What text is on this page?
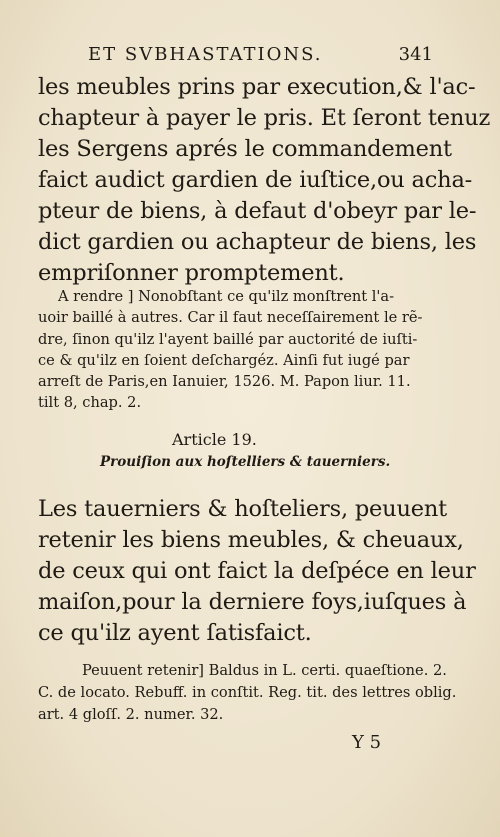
ET SVBHASTATIONS.	341
les meubles prins par execution,& l'ac-
chapteur à payer le pris. Et ſeront tenuz
les Sergens aprés le commandement
faict audict gardien de iuſtice,ou acha-
pteur de biens, à defaut d'obeyr par le-
dict gardien ou achapteur de biens, les
empriſonner promptement.
A rendre ] Nonobſtant ce qu'ilz monſtrent l'a-
uoir baillé à autres. Car il faut neceſſairement le rẽ-
dre, ſinon qu'ilz l'ayent baillé par auctorité de iuſti-
ce & qu'ilz en ſoient deſchargéz. Ainſi fut iugé par
arreſt de Paris,en Ianuier, 1526. M. Papon liur. 11.
tilt 8, chap. 2.
Article 19.
Prouiſion aux hoſtelliers & tauerniers.
Les tauerniers & hoſteliers, peuuent
retenir les biens meubles, & cheuaux,
de ceux qui ont faict la deſpéce en leur
maiſon,pour la derniere foys,iuſques à
ce qu'ilz ayent ſatisfaict.
Peuuent retenir] Baldus in L. certi. quaeſtione. 2.
C. de locato. Rebuff. in conſtit. Reg. tit. des lettres oblig.
art. 4 gloſſ. 2. numer. 32.
Y 5
